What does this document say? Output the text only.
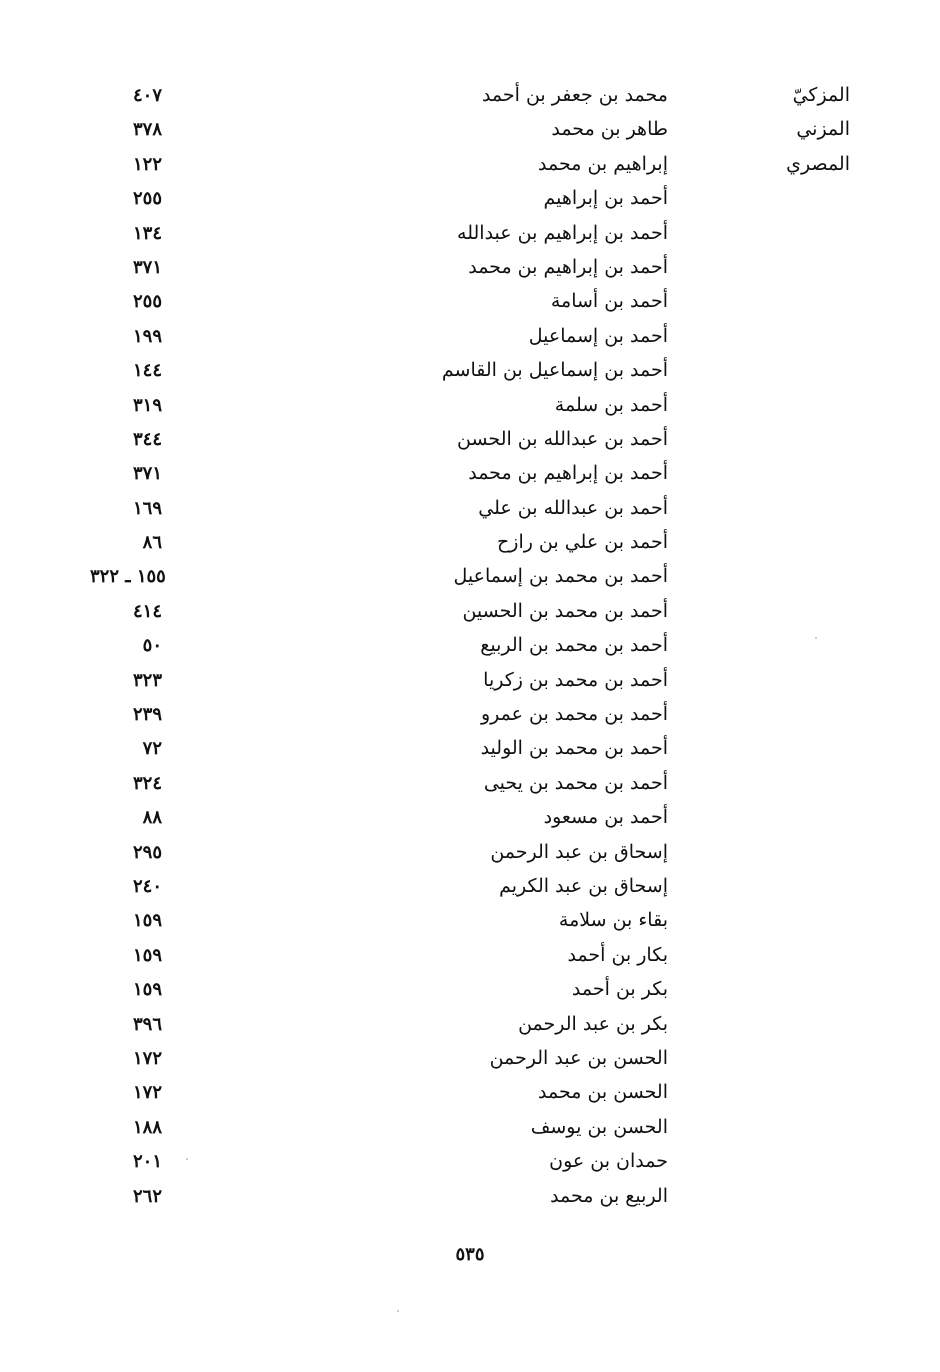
المزكيّ
محمد بن جعفر بن أحمد
٤٠٧
المزني
طاهر بن محمد
٣٧٨
المصري
إبراهيم بن محمد
١٢٢
أحمد بن إبراهيم
٢٥٥
أحمد بن إبراهيم بن عبدالله
١٣٤
أحمد بن إبراهيم بن محمد
٣٧١
أحمد بن أسامة
٢٥٥
أحمد بن إسماعيل
١٩٩
أحمد بن إسماعيل بن القاسم
١٤٤
أحمد بن سلمة
٣١٩
أحمد بن عبدالله بن الحسن
٣٤٤
أحمد بن إبراهيم بن محمد
٣٧١
أحمد بن عبدالله بن علي
١٦٩
أحمد بن علي بن رازح
٨٦
أحمد بن محمد بن إسماعيل
١٥٥ ـ ٣٢٢
أحمد بن محمد بن الحسين
٤١٤
أحمد بن محمد بن الربيع
٥٠
أحمد بن محمد بن زكريا
٣٢٣
أحمد بن محمد بن عمرو
٢٣٩
أحمد بن محمد بن الوليد
٧٢
أحمد بن محمد بن يحيى
٣٢٤
أحمد بن مسعود
٨٨
إسحاق بن عبد الرحمن
٢٩٥
إسحاق بن عبد الكريم
٢٤٠
بقاء بن سلامة
١٥٩
بكار بن أحمد
١٥٩
بكر بن أحمد
١٥٩
بكر بن عبد الرحمن
٣٩٦
الحسن بن عبد الرحمن
١٧٢
الحسن بن محمد
١٧٢
الحسن بن يوسف
١٨٨
حمدان بن عون
٢٠١
الربيع بن محمد
٢٦٢
٥٣٥
